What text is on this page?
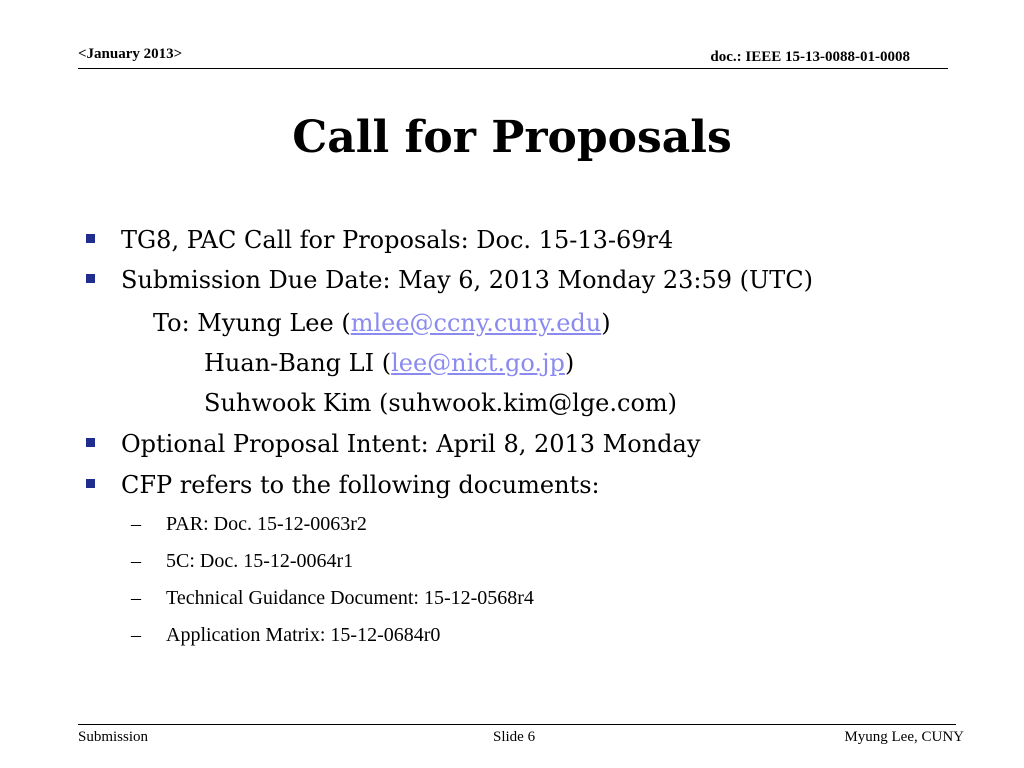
<January 2013>	doc.: IEEE 15-13-0088-01-0008
Call for Proposals
TG8, PAC Call for Proposals: Doc. 15-13-69r4
Submission Due Date: May 6, 2013 Monday 23:59 (UTC)
To: Myung Lee (mlee@ccny.cuny.edu)
Huan-Bang LI (lee@nict.go.jp)
Suhwook Kim (suhwook.kim@lge.com)
Optional Proposal Intent: April 8, 2013 Monday
CFP refers to the following documents:
– PAR: Doc. 15-12-0063r2
– 5C: Doc. 15-12-0064r1
– Technical Guidance Document: 15-12-0568r4
– Application Matrix: 15-12-0684r0
Submission	Slide 6	Myung Lee, CUNY
